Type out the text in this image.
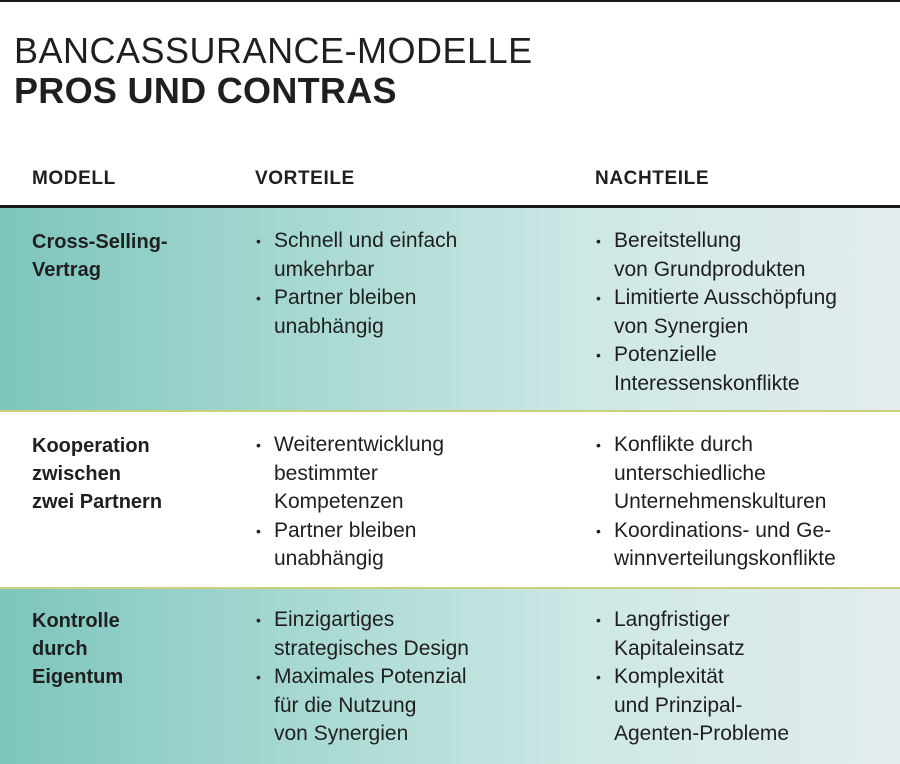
BANCASSURANCE-MODELLE
PROS UND CONTRAS
MODELL	VORTEILE	NACHTEILE
Cross-Selling-
Vertrag
• Schnell und einfach
umkehrbar
• Partner bleiben
unabhängig
• Bereitstellung
von Grundprodukten
• Limitierte Ausschöpfung
von Synergien
• Potenzielle
Interessenskonflikte
Kooperation
zwischen
zwei Partnern
• Weiterentwicklung
bestimmter
Kompetenzen
• Partner bleiben
unabhängig
• Konflikte durch
unterschiedliche
Unternehmenskulturen
• Koordinations- und Ge-
winnverteilungskonflikte
Kontrolle
durch
Eigentum
• Einzigartiges
strategisches Design
• Maximales Potenzial
für die Nutzung
von Synergien
• Langfristiger
Kapitaleinsatz
• Komplexität
und Prinzipal-
Agenten-Probleme
